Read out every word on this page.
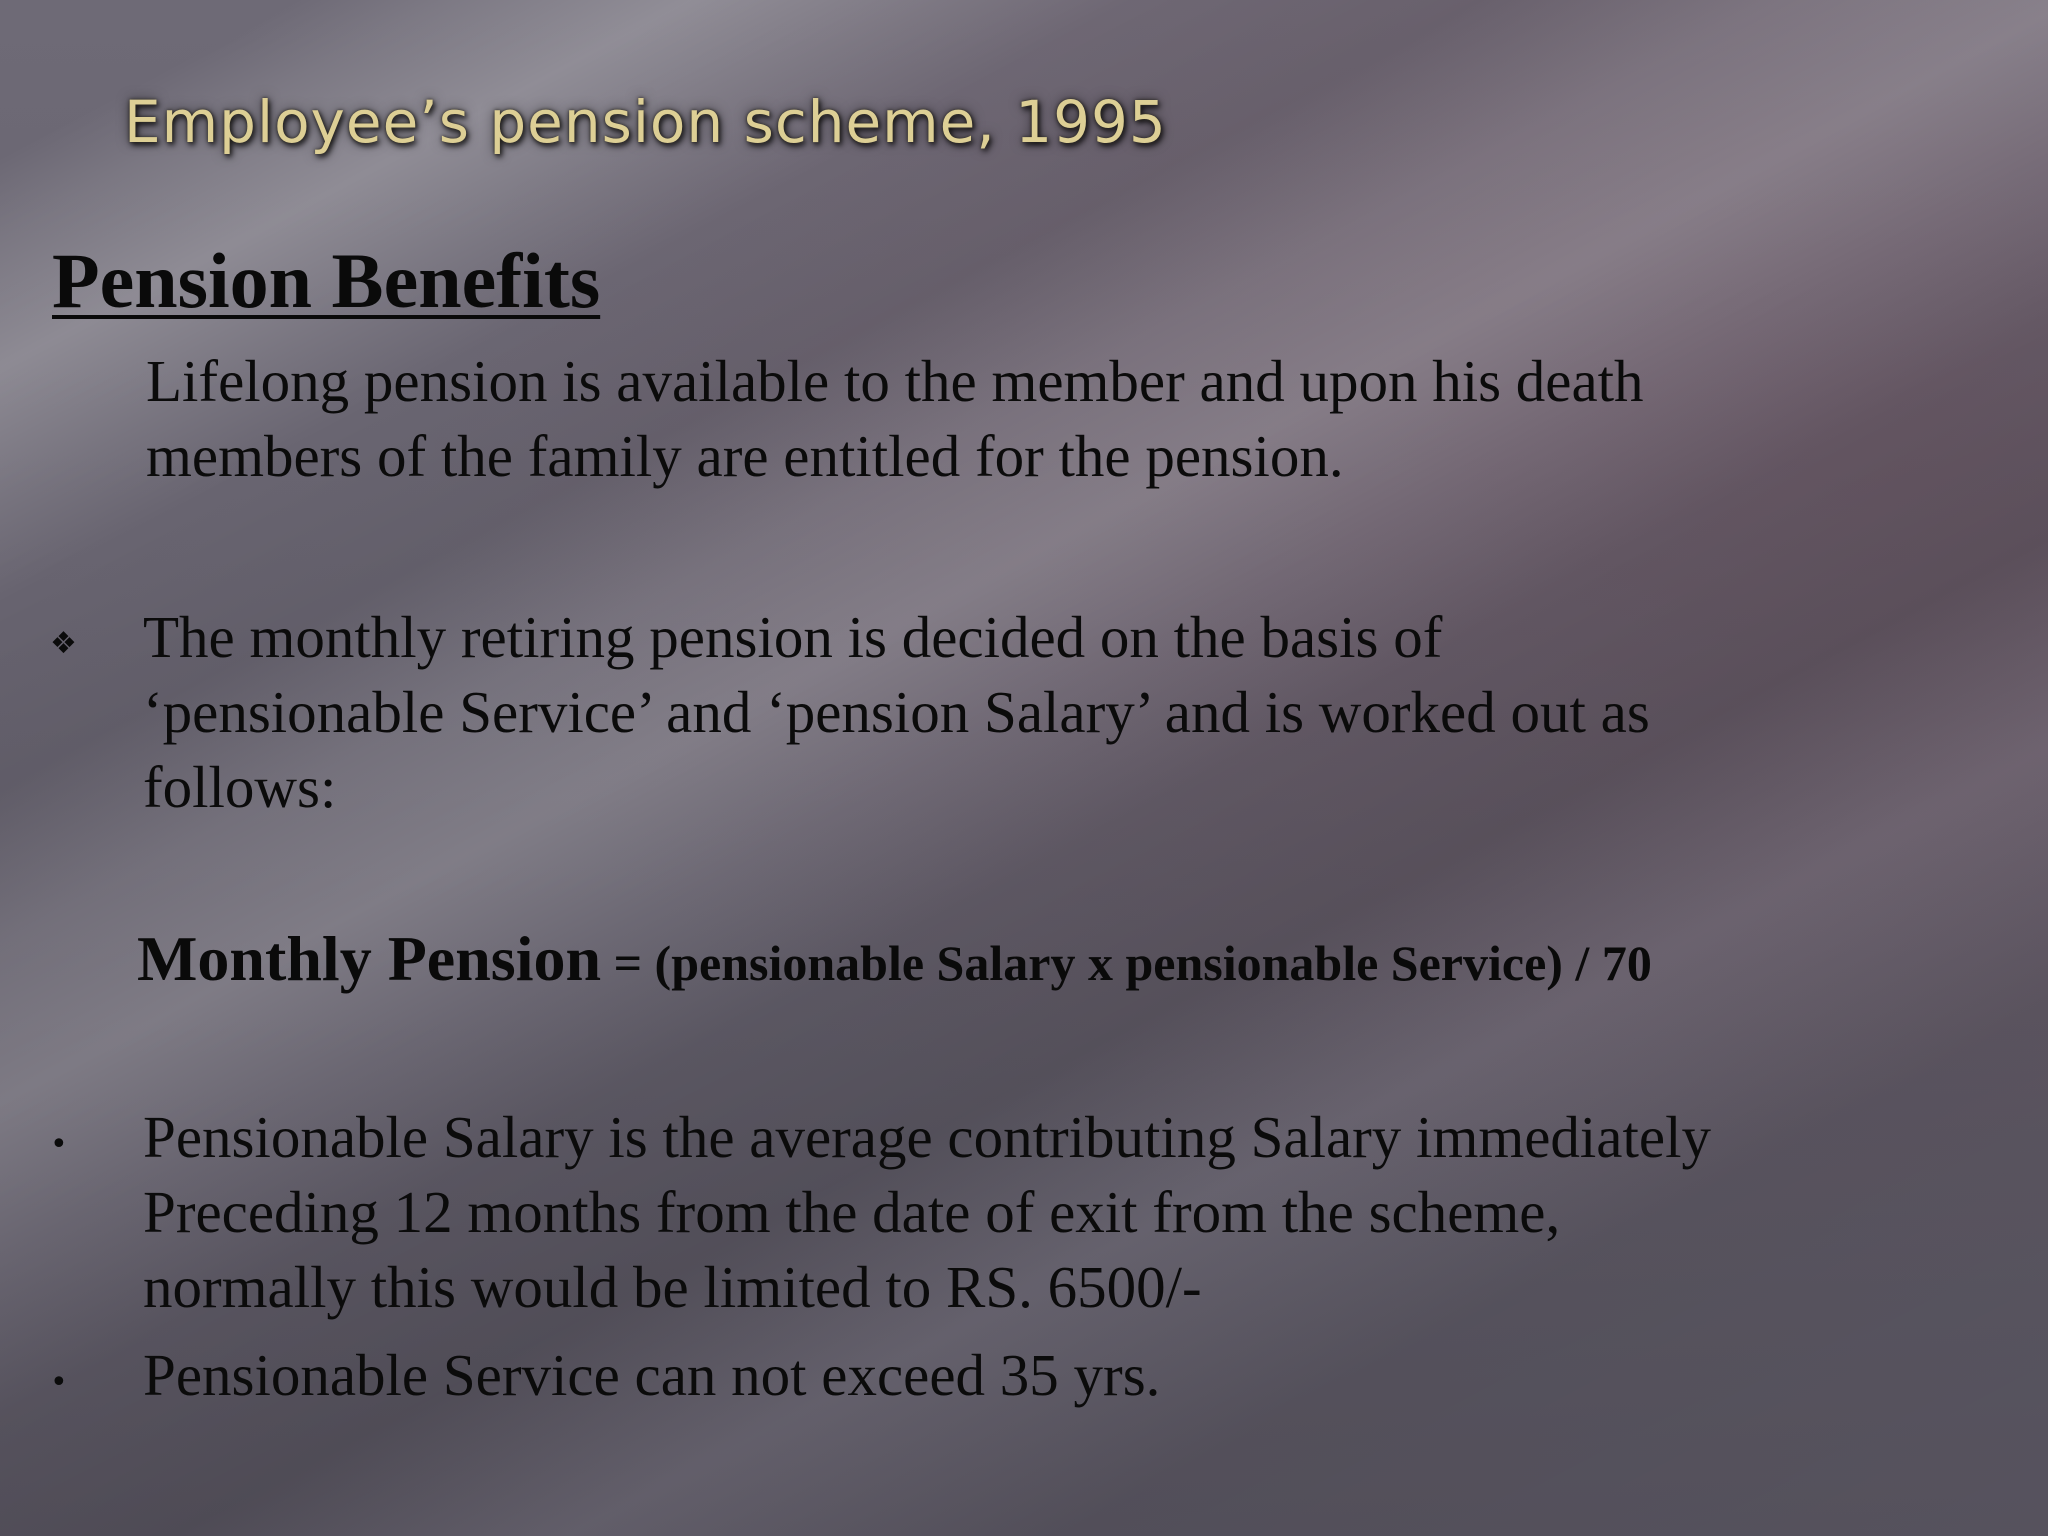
Employee’s pension scheme, 1995
Pension Benefits

Lifelong pension is available to the member and upon his death
members of the family are entitled for the pension.

❖ The monthly retiring pension is decided on the basis of
‘pensionable Service’ and ‘pension Salary’ and is worked out as
follows:

Monthly Pension = (pensionable Salary x pensionable Service) / 70

• Pensionable Salary is the average contributing Salary immediately
Preceding 12 months from the date of exit from the scheme,
normally this would be limited to RS. 6500/-

• Pensionable Service can not exceed 35 yrs.
